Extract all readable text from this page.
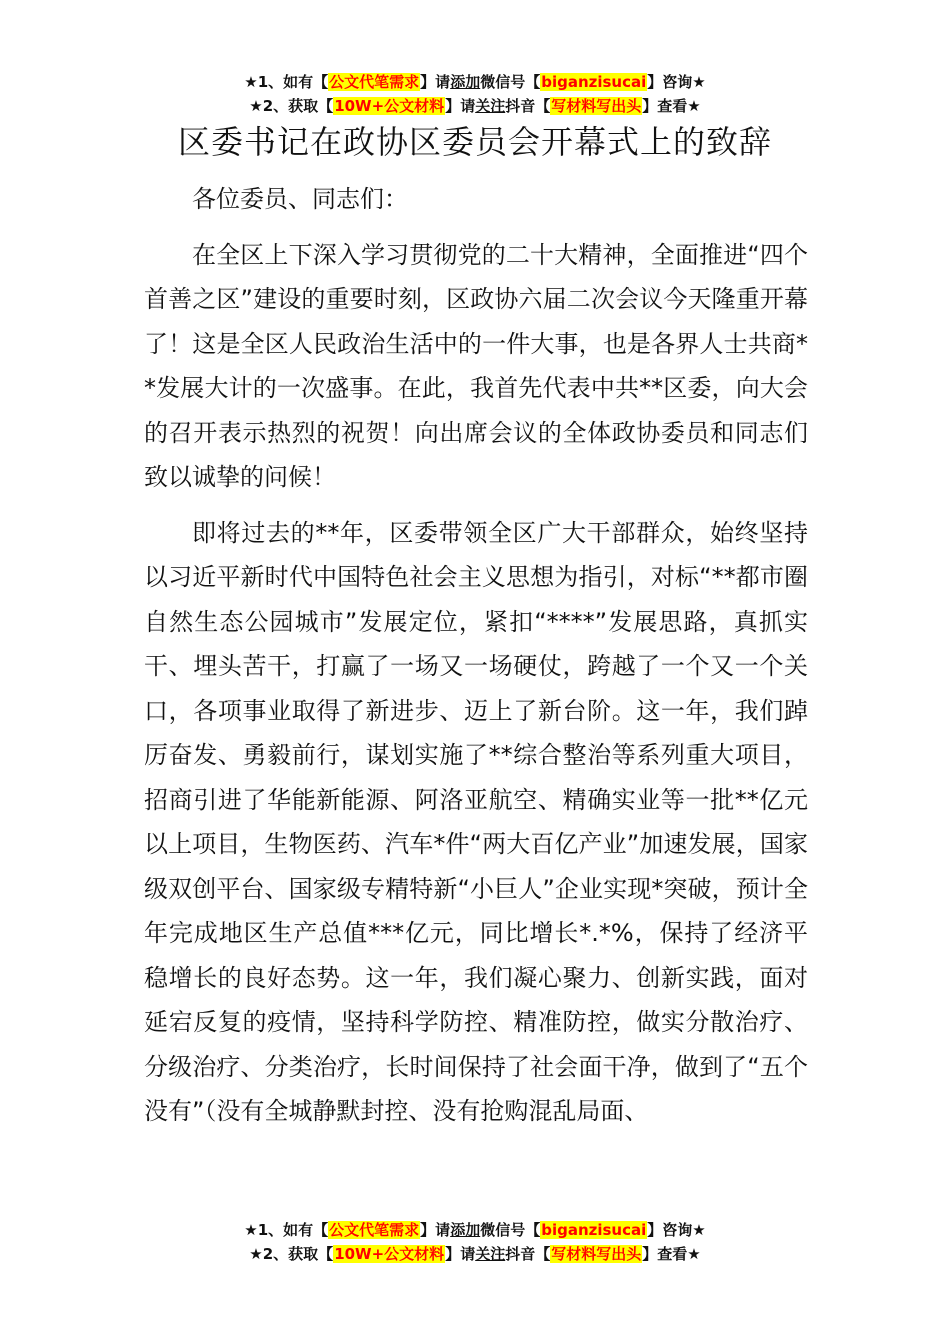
★1、如有【公文代笔需求】请添加微信号【biganzisucai】咨询★
★2、获取【10W+公文材料】请关注抖音【写材料写出头】查看★
区委书记在政协区委员会开幕式上的致辞

各位委员、同志们：

在全区上下深入学习贯彻党的二十大精神，全面推进“四个首善之区”建设的重要时刻，区政协六届二次会议今天隆重开幕了！这是全区人民政治生活中的一件大事，也是各界人士共商**发展大计的一次盛事。在此，我首先代表中共**区委，向大会的召开表示热烈的祝贺！向出席会议的全体政协委员和同志们致以诚挚的问候！

即将过去的**年，区委带领全区广大干部群众，始终坚持以习近平新时代中国特色社会主义思想为指引，对标“**都市圈自然生态公园城市”发展定位，紧扣“****”发展思路，真抓实干、埋头苦干，打赢了一场又一场硬仗，跨越了一个又一个关口，各项事业取得了新进步、迈上了新台阶。这一年，我们踔厉奋发、勇毅前行，谋划实施了**综合整治等系列重大项目，招商引进了华能新能源、阿洛亚航空、精确实业等一批**亿元以上项目，生物医药、汽车*件“两大百亿产业”加速发展，国家级双创平台、国家级专精特新“小巨人”企业实现*突破，预计全年完成地区生产总值***亿元，同比增长*.*%，保持了经济平稳增长的良好态势。这一年，我们凝心聚力、创新实践，面对延宕反复的疫情，坚持科学防控、精准防控，做实分散治疗、分级治疗、分类治疗，长时间保持了社会面干净，做到了“五个没有”（没有全城静默封控、没有抢购混乱局面、

★1、如有【公文代笔需求】请添加微信号【biganzisucai】咨询★
★2、获取【10W+公文材料】请关注抖音【写材料写出头】查看★
